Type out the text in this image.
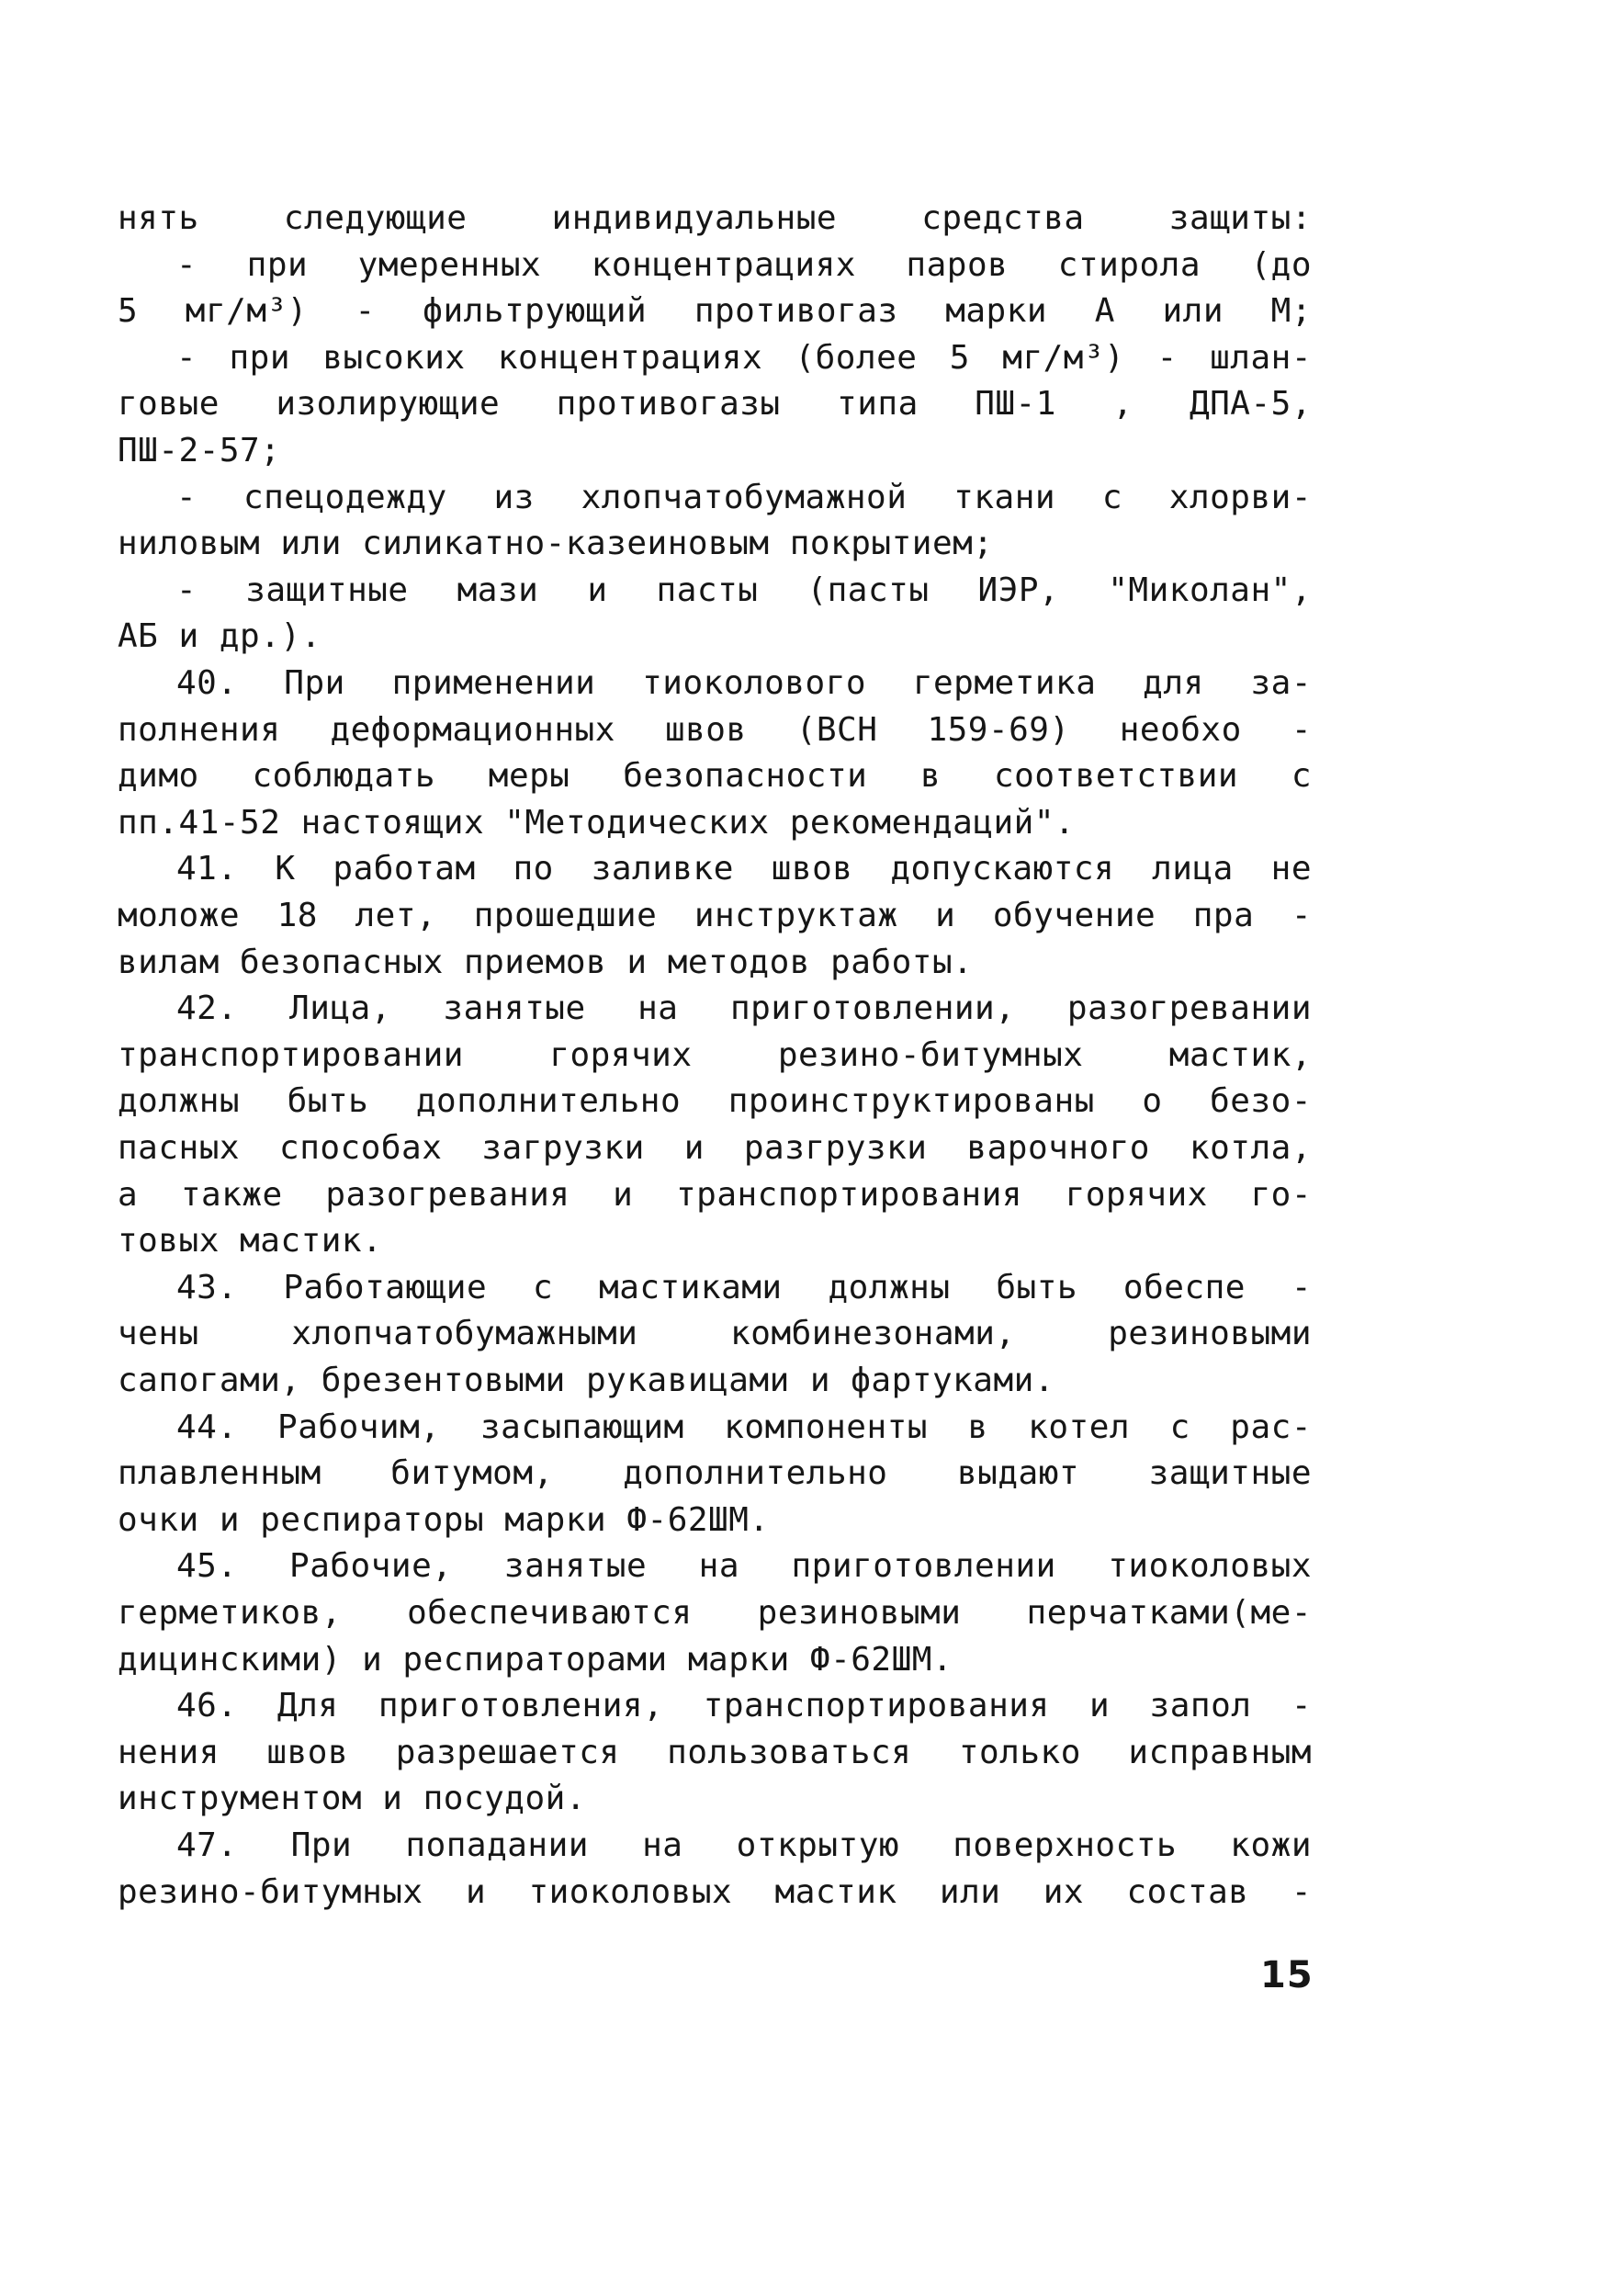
нять следующие индивидуальные средства защиты:
- при умеренных концентрациях паров стирола (до
5 мг/м³) - фильтрующий противогаз марки А или М;
- при высоких концентрациях (более 5 мг/м³) - шлан-
говые изолирующие противогазы типа ПШ-1 , ДПА-5,
ПШ-2-57;
- спецодежду из хлопчатобумажной ткани с хлорви-
ниловым или силикатно-казеиновым покрытием;
- защитные мази и пасты (пасты ИЭР, "Миколан",
АБ и др.).
40. При применении тиоколового герметика для за-
полнения деформационных швов (ВСН 159-69) необхо -
димо соблюдать меры безопасности в соответствии с
пп.41-52 настоящих "Методических рекомендаций".
41. К работам по заливке швов допускаются лица не
моложе 18 лет, прошедшие инструктаж и обучение пра -
вилам безопасных приемов и методов работы.
42. Лица, занятые на приготовлении, разогревании
транспортировании горячих резино-битумных мастик,
должны быть дополнительно проинструктированы о безо-
пасных способах загрузки и разгрузки варочного котла,
а также разогревания и транспортирования горячих го-
товых мастик.
43. Работающие с мастиками должны быть обеспе -
чены хлопчатобумажными комбинезонами, резиновыми
сапогами, брезентовыми рукавицами и фартуками.
44. Рабочим, засыпающим компоненты в котел с рас-
плавленным битумом, дополнительно выдают защитные
очки и респираторы марки Ф-62ШМ.
45. Рабочие, занятые на приготовлении тиоколовых
герметиков, обеспечиваются резиновыми перчатками(ме-
дицинскими) и респираторами марки Ф-62ШМ.
46. Для приготовления, транспортирования и запол -
нения швов разрешается пользоваться только исправным
инструментом и посудой.
47. При попадании на открытую поверхность кожи
резино-битумных и тиоколовых мастик или их состав -
15
